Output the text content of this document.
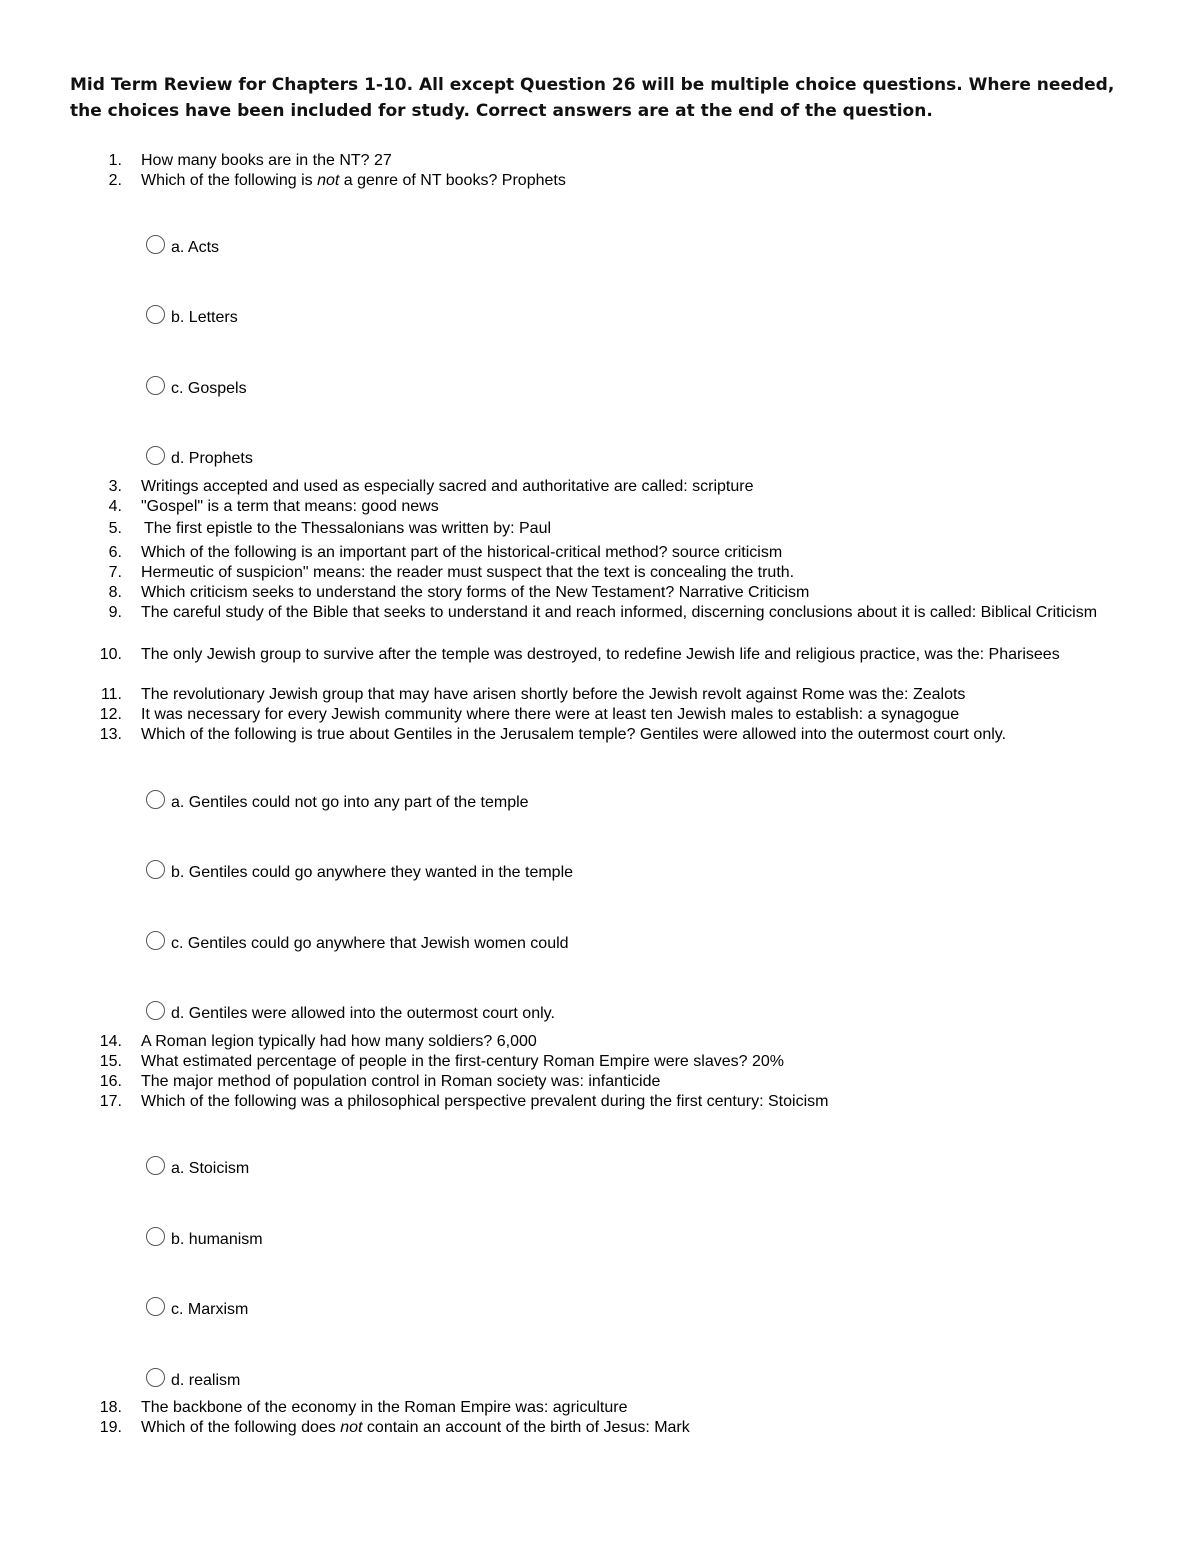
Mid Term Review for Chapters 1-10. All except Question 26 will be multiple choice questions. Where needed, the choices have been included for study. Correct answers are at the end of the question.
1. How many books are in the NT? 27
2. Which of the following is not a genre of NT books? Prophets
a. Acts
b. Letters
c. Gospels
d. Prophets
3. Writings accepted and used as especially sacred and authoritative are called: scripture
4. "Gospel" is a term that means: good news
5. The first epistle to the Thessalonians was written by: Paul
6. Which of the following is an important part of the historical-critical method? source criticism
7. Hermeutic of suspicion" means: the reader must suspect that the text is concealing the truth.
8. Which criticism seeks to understand the story forms of the New Testament? Narrative Criticism
9. The careful study of the Bible that seeks to understand it and reach informed, discerning conclusions about it is called: Biblical Criticism
10. The only Jewish group to survive after the temple was destroyed, to redefine Jewish life and religious practice, was the: Pharisees
11. The revolutionary Jewish group that may have arisen shortly before the Jewish revolt against Rome was the: Zealots
12. It was necessary for every Jewish community where there were at least ten Jewish males to establish: a synagogue
13. Which of the following is true about Gentiles in the Jerusalem temple? Gentiles were allowed into the outermost court only.
a. Gentiles could not go into any part of the temple
b. Gentiles could go anywhere they wanted in the temple
c. Gentiles could go anywhere that Jewish women could
d. Gentiles were allowed into the outermost court only.
14. A Roman legion typically had how many soldiers? 6,000
15. What estimated percentage of people in the first-century Roman Empire were slaves? 20%
16. The major method of population control in Roman society was: infanticide
17. Which of the following was a philosophical perspective prevalent during the first century: Stoicism
a. Stoicism
b. humanism
c. Marxism
d. realism
18. The backbone of the economy in the Roman Empire was: agriculture
19. Which of the following does not contain an account of the birth of Jesus: Mark
